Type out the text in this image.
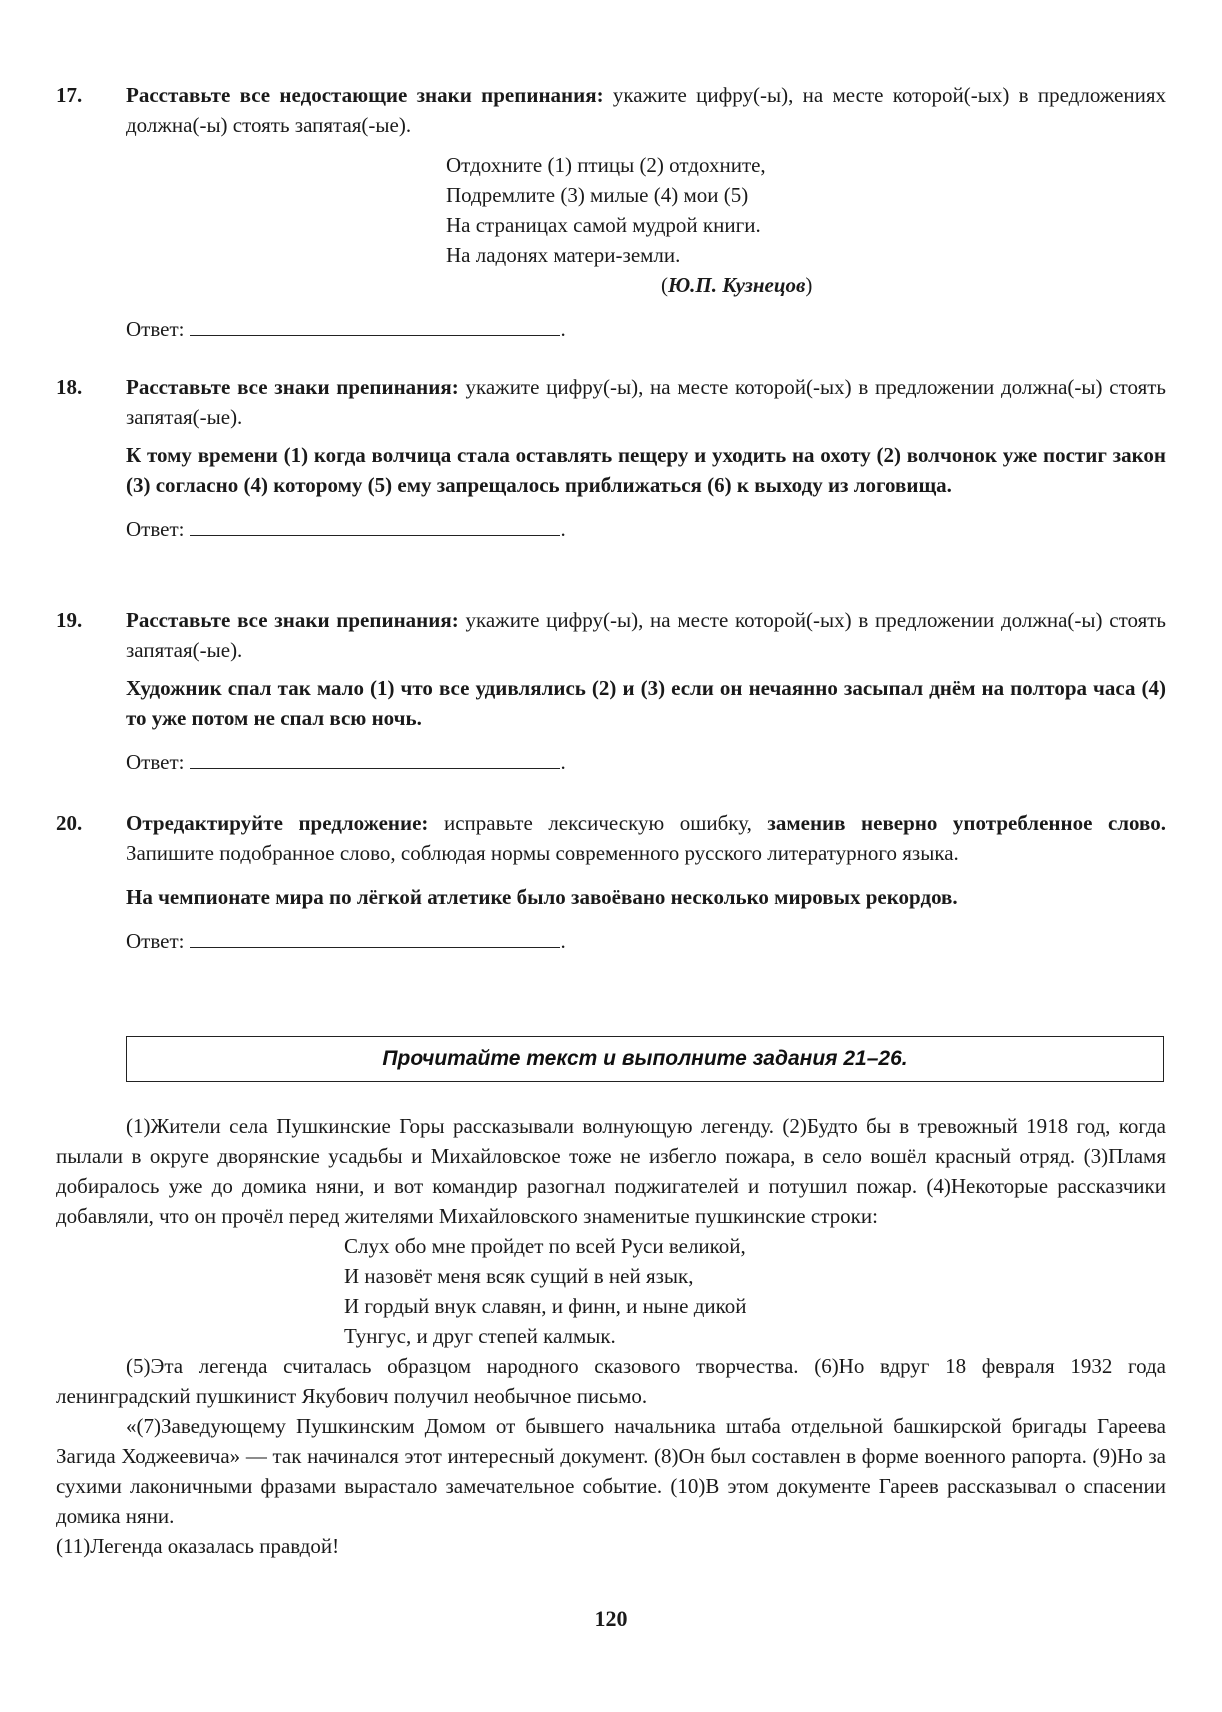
17.	Расставьте все недостающие знаки препинания: укажите цифру(-ы), на месте которой(-ых) в предложениях должна(-ы) стоять запятая(-ые).
Отдохните (1) птицы (2) отдохните,
Подремлите (3) милые (4) мои (5)
На страницах самой мудрой книги.
На ладонях матери-земли.
(Ю.П. Кузнецов)
Ответ:	.
18.	Расставьте все знаки препинания: укажите цифру(-ы), на месте которой(-ых) в предложении должна(-ы) стоять запятая(-ые).
К тому времени (1) когда волчица стала оставлять пещеру и уходить на охоту (2) волчонок уже постиг закон (3) согласно (4) которому (5) ему запрещалось приближаться (6) к выходу из логовища.
Ответ:	.
19.	Расставьте все знаки препинания: укажите цифру(-ы), на месте которой(-ых) в предложении должна(-ы) стоять запятая(-ые).
Художник спал так мало (1) что все удивлялись (2) и (3) если он нечаянно засыпал днём на полтора часа (4) то уже потом не спал всю ночь.
Ответ:	.
20.	Отредактируйте предложение: исправьте лексическую ошибку, заменив неверно употребленное слово. Запишите подобранное слово, соблюдая нормы современного русского литературного языка.
На чемпионате мира по лёгкой атлетике было завоёвано несколько мировых рекордов.
Ответ:	.
Прочитайте текст и выполните задания 21–26.

(1)Жители села Пушкинские Горы рассказывали волнующую легенду. (2)Будто бы в тревожный 1918 год, когда пылали в округе дворянские усадьбы и Михайловское тоже не избегло пожара, в село вошёл красный отряд. (3)Пламя добиралось уже до домика няни, и вот командир разогнал поджигателей и потушил пожар. (4)Некоторые рассказчики добавляли, что он прочёл перед жителями Михайловского знаменитые пушкинские строки:

Слух обо мне пройдет по всей Руси великой,

И назовёт меня всяк сущий в ней язык,

И гордый внук славян, и финн, и ныне дикой

Тунгус, и друг степей калмык.

(5)Эта легенда считалась образцом народного сказового творчества. (6)Но вдруг 18 февраля 1932 года ленинградский пушкинист Якубович получил необычное письмо.

«(7)Заведующему Пушкинским Домом от бывшего начальника штаба отдельной башкирской бригады Гареева Загида Ходжеевича» — так начинался этот интересный документ. (8)Он был составлен в форме военного рапорта. (9)Но за сухими лаконичными фразами вырастало замечательное событие. (10)В этом документе Гареев рассказывал о спасении домика няни.

(11)Легенда оказалась правдой!

120
